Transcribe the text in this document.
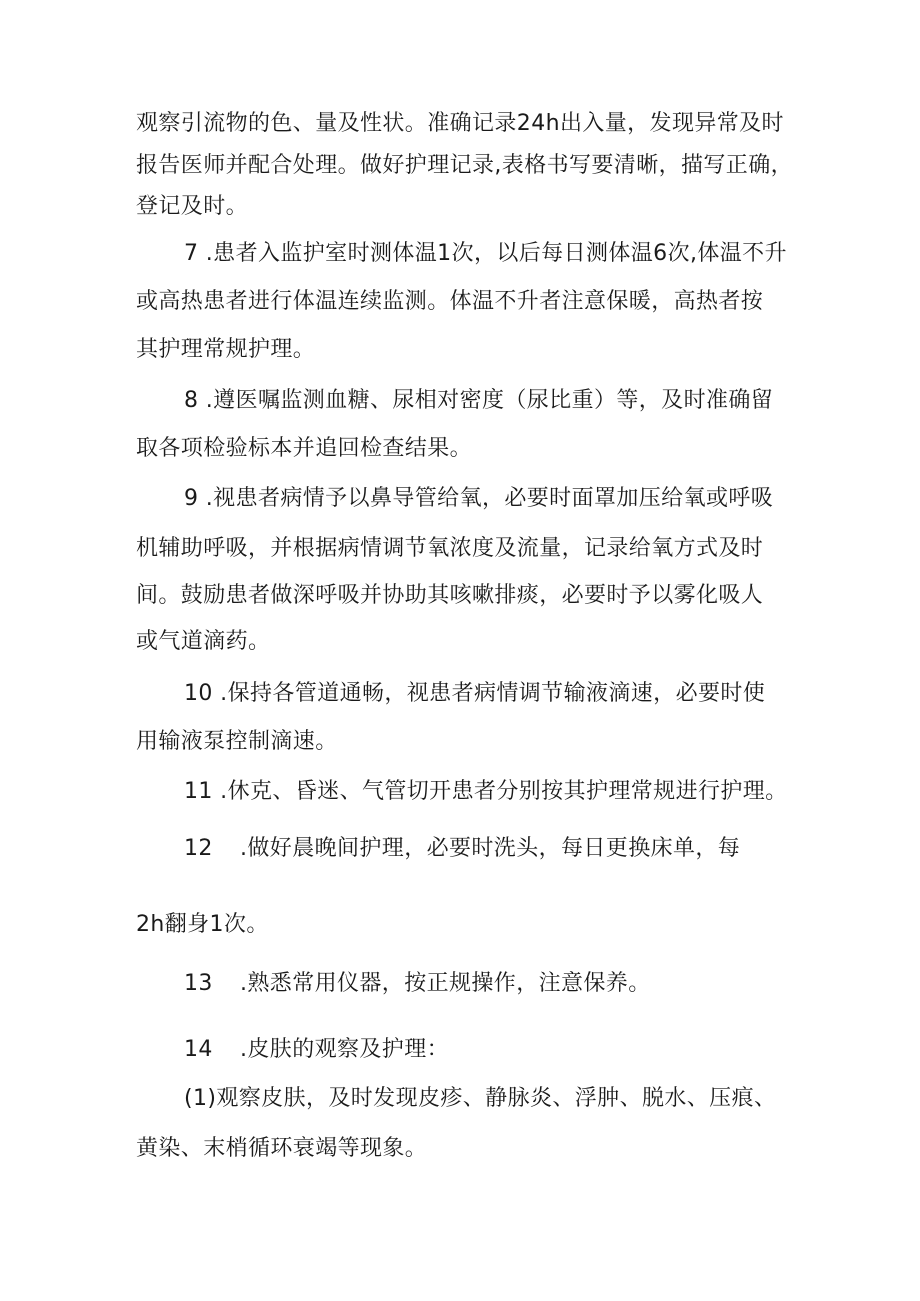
观察引流物的色、量及性状。准确记录24h出入量，发现异常及时
报告医师并配合处理。做好护理记录,表格书写要清晰，描写正确，
登记及时。
7 .患者入监护室时测体温1次，以后每日测体温6次,体温不升
或高热患者进行体温连续监测。体温不升者注意保暖，高热者按
其护理常规护理。
8 .遵医嘱监测血糖、尿相对密度（尿比重）等，及时准确留
取各项检验标本并追回检查结果。
9 .视患者病情予以鼻导管给氧，必要时面罩加压给氧或呼吸
机辅助呼吸，并根据病情调节氧浓度及流量，记录给氧方式及时
间。鼓励患者做深呼吸并协助其咳嗽排痰，必要时予以雾化吸人
或气道滴药。
10 .保持各管道通畅，视患者病情调节输液滴速，必要时使
用输液泵控制滴速。
11 .休克、昏迷、气管切开患者分别按其护理常规进行护理。
12	.做好晨晚间护理，必要时洗头，每日更换床单，每
2h翻身1次。
13	.熟悉常用仪器，按正规操作，注意保养。
14	.皮肤的观察及护理：
(1)观察皮肤，及时发现皮疹、静脉炎、浮肿、脱水、压痕、
黄染、末梢循环衰竭等现象。
